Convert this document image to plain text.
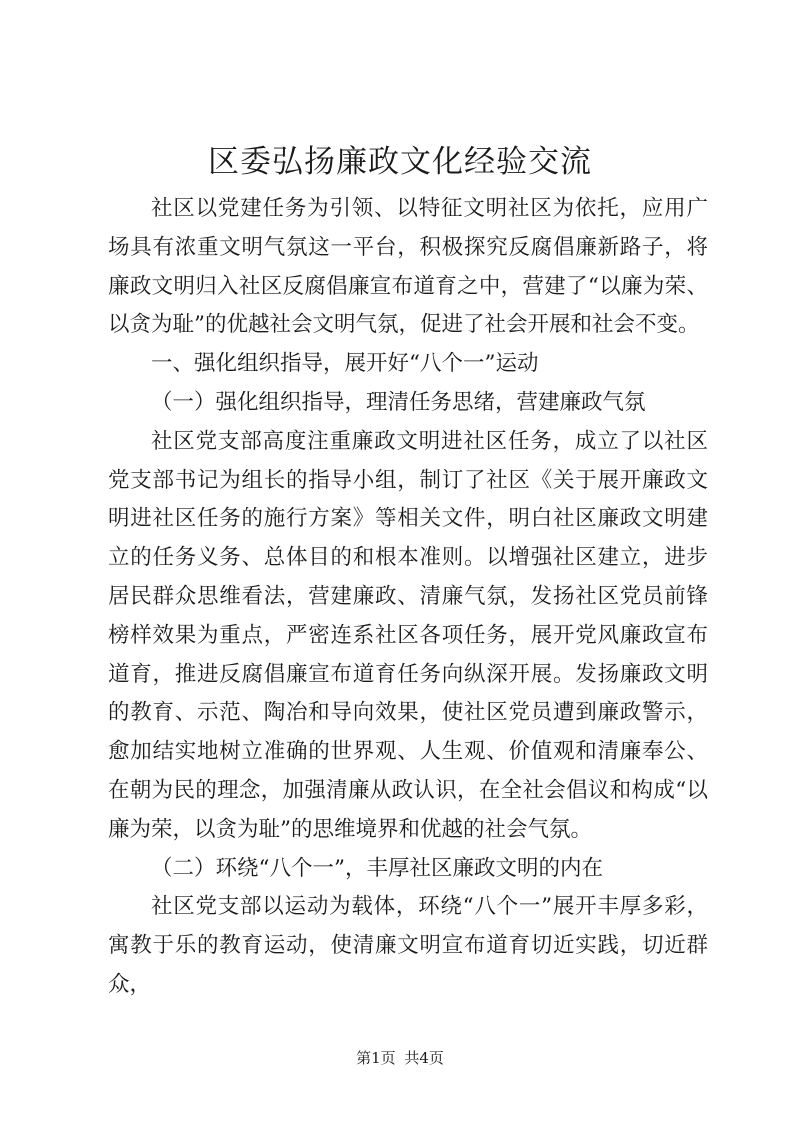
区委弘扬廉政文化经验交流

社区以党建任务为引领、以特征文明社区为依托，应用广场具有浓重文明气氛这一平台，积极探究反腐倡廉新路子，将廉政文明归入社区反腐倡廉宣布道育之中，营建了“以廉为荣、以贪为耻”的优越社会文明气氛，促进了社会开展和社会不变。

一、强化组织指导，展开好“八个一”运动

（一）强化组织指导，理清任务思绪，营建廉政气氛

社区党支部高度注重廉政文明进社区任务，成立了以社区党支部书记为组长的指导小组，制订了社区《关于展开廉政文明进社区任务的施行方案》等相关文件，明白社区廉政文明建立的任务义务、总体目的和根本准则。以增强社区建立，进步居民群众思维看法，营建廉政、清廉气氛，发扬社区党员前锋榜样效果为重点，严密连系社区各项任务，展开党风廉政宣布道育，推进反腐倡廉宣布道育任务向纵深开展。发扬廉政文明的教育、示范、陶冶和导向效果，使社区党员遭到廉政警示，愈加结实地树立准确的世界观、人生观、价值观和清廉奉公、在朝为民的理念，加强清廉从政认识，在全社会倡议和构成“以廉为荣，以贪为耻”的思维境界和优越的社会气氛。

（二）环绕“八个一”，丰厚社区廉政文明的内在

社区党支部以运动为载体，环绕“八个一”展开丰厚多彩，寓教于乐的教育运动，使清廉文明宣布道育切近实践，切近群众，

第1页 共4页
